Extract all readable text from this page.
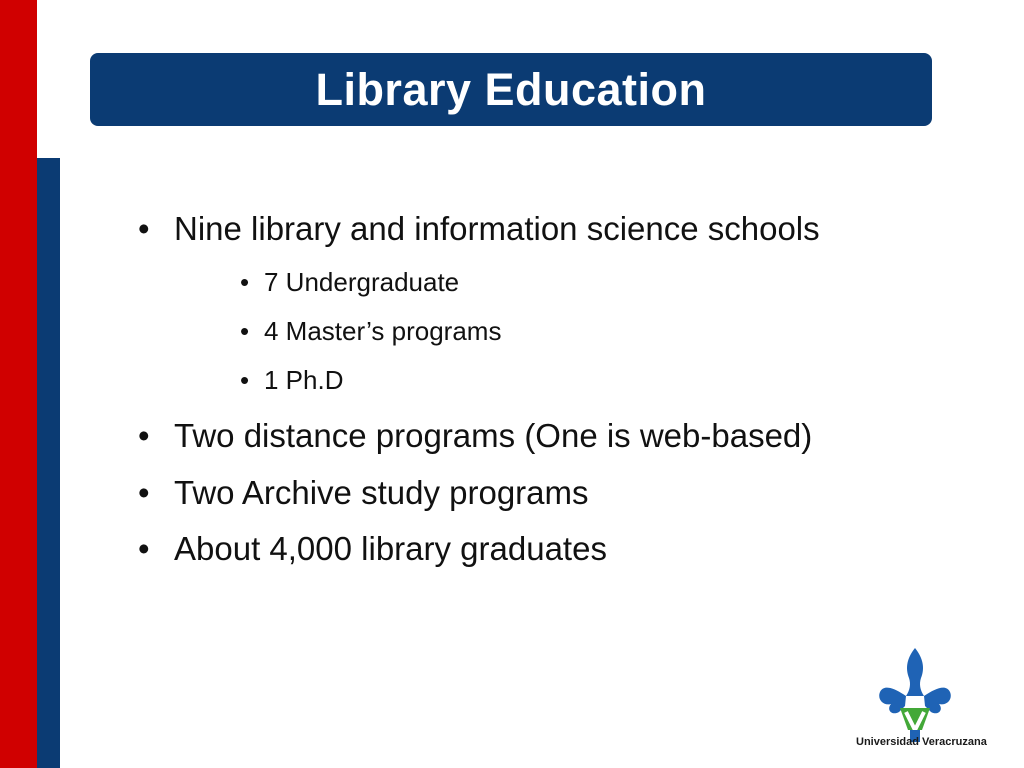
Library Education
• Nine library and information science schools
• 7 Undergraduate
• 4 Master’s programs
• 1 Ph.D
• Two distance programs (One is web-based)
• Two Archive study programs
• About 4,000 library graduates
Universidad Veracruzana
